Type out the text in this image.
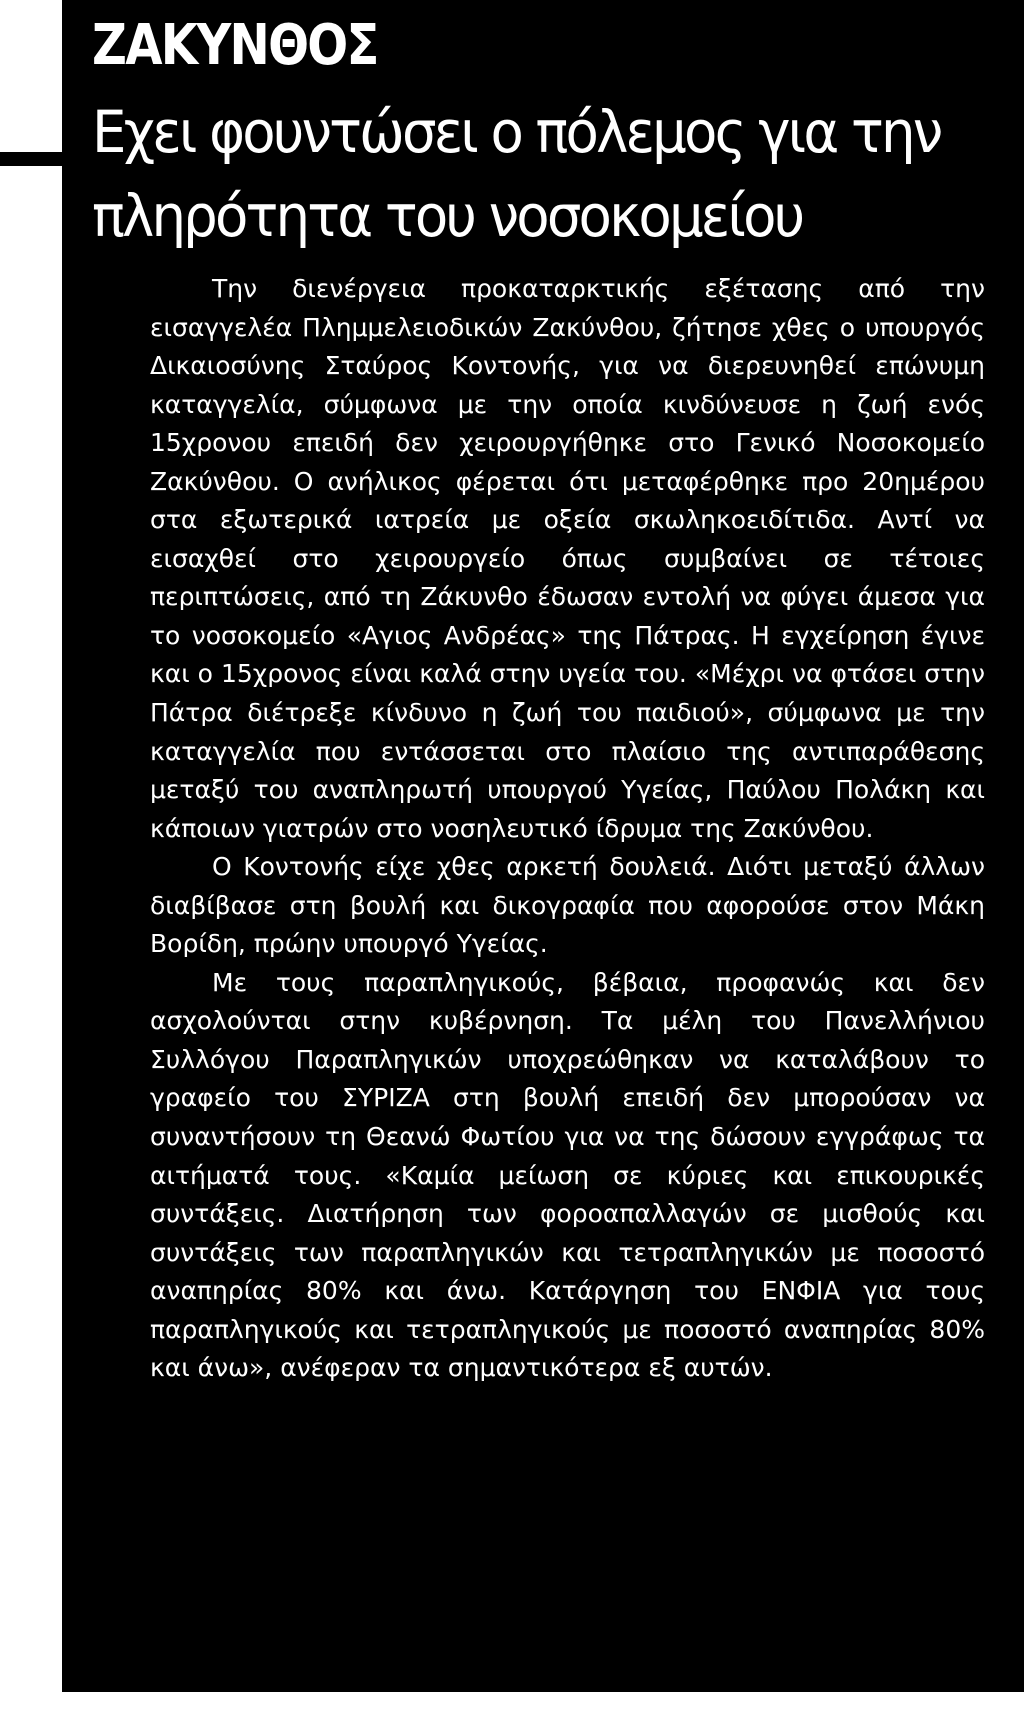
ΖΑΚΥΝΘΟΣ
Εχει φουντώσει ο πόλεμος για την πληρότητα του νοσοκομείου

Την διενέργεια προκαταρκτικής εξέτασης από την εισαγγελέα Πλημμελειοδικών Ζακύνθου, ζήτησε χθες ο υπουργός Δικαιοσύνης Σταύρος Κοντονής, για να διερευνηθεί επώνυμη καταγγελία, σύμφωνα με την οποία κινδύνευσε η ζωή ενός 15χρονου επειδή δεν χειρουργήθηκε στο Γενικό Νοσοκομείο Ζακύνθου. Ο ανήλικος φέρεται ότι μεταφέρθηκε προ 20ημέρου στα εξωτερικά ιατρεία με οξεία σκωληκοειδίτιδα. Αντί να εισαχθεί στο χειρουργείο όπως συμβαίνει σε τέτοιες περιπτώσεις, από τη Ζάκυνθο έδωσαν εντολή να φύγει άμεσα για το νοσοκομείο «Αγιος Ανδρέας» της Πάτρας. Η εγχείρηση έγινε και ο 15χρονος είναι καλά στην υγεία του. «Μέχρι να φτάσει στην Πάτρα διέτρεξε κίνδυνο η ζωή του παιδιού», σύμφωνα με την καταγγελία που εντάσσεται στο πλαίσιο της αντιπαράθεσης μεταξύ του αναπληρωτή υπουργού Υγείας, Παύλου Πολάκη και κάποιων γιατρών στο νοσηλευτικό ίδρυμα της Ζακύνθου.

Ο Κοντονής είχε χθες αρκετή δουλειά. Διότι μεταξύ άλλων διαβίβασε στη βουλή και δικογραφία που αφορούσε στον Μάκη Βορίδη, πρώην υπουργό Υγείας.

Με τους παραπληγικούς, βέβαια, προφανώς και δεν ασχολούνται στην κυβέρνηση. Τα μέλη του Πανελλήνιου Συλλόγου Παραπληγικών υποχρεώθηκαν να καταλάβουν το γραφείο του ΣΥΡΙΖΑ στη βουλή επειδή δεν μπορούσαν να συναντήσουν τη Θεανώ Φωτίου για να της δώσουν εγγράφως τα αιτήματά τους. «Καμία μείωση σε κύριες και επικουρικές συντάξεις. Διατήρηση των φοροαπαλλαγών σε μισθούς και συντάξεις των παραπληγικών και τετραπληγικών με ποσοστό αναπηρίας 80% και άνω. Κατάργηση του ΕΝΦΙΑ για τους παραπληγικούς και τετραπληγικούς με ποσοστό αναπηρίας 80% και άνω», ανέφεραν τα σημαντικότερα εξ αυτών.
